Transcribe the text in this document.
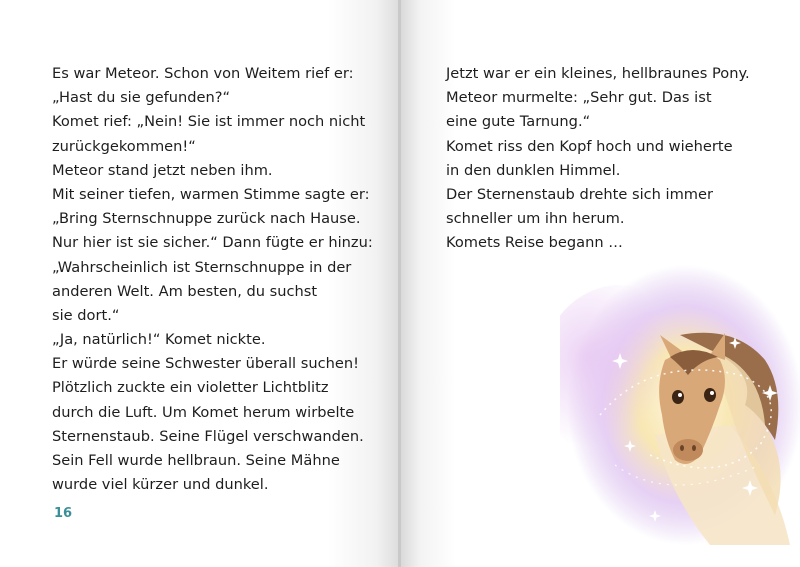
Es war Meteor. Schon von Weitem rief er:
„Hast du sie gefunden?“
Komet rief: „Nein! Sie ist immer noch nicht
zurückgekommen!“
Meteor stand jetzt neben ihm.
Mit seiner tiefen, warmen Stimme sagte er:
„Bring Sternschnuppe zurück nach Hause.
Nur hier ist sie sicher.“ Dann fügte er hinzu:
„Wahrscheinlich ist Sternschnuppe in der
anderen Welt. Am besten, du suchst
sie dort.“
„Ja, natürlich!“ Komet nickte.
Er würde seine Schwester überall suchen!
Plötzlich zuckte ein violetter Lichtblitz
durch die Luft. Um Komet herum wirbelte
Sternenstaub. Seine Flügel verschwanden.
Sein Fell wurde hellbraun. Seine Mähne
wurde viel kürzer und dunkel.
16
Jetzt war er ein kleines, hellbraunes Pony.
Meteor murmelte: „Sehr gut. Das ist
eine gute Tarnung.“
Komet riss den Kopf hoch und wieherte
in den dunklen Himmel.
Der Sternenstaub drehte sich immer
schneller um ihn herum.
Komets Reise begann …
